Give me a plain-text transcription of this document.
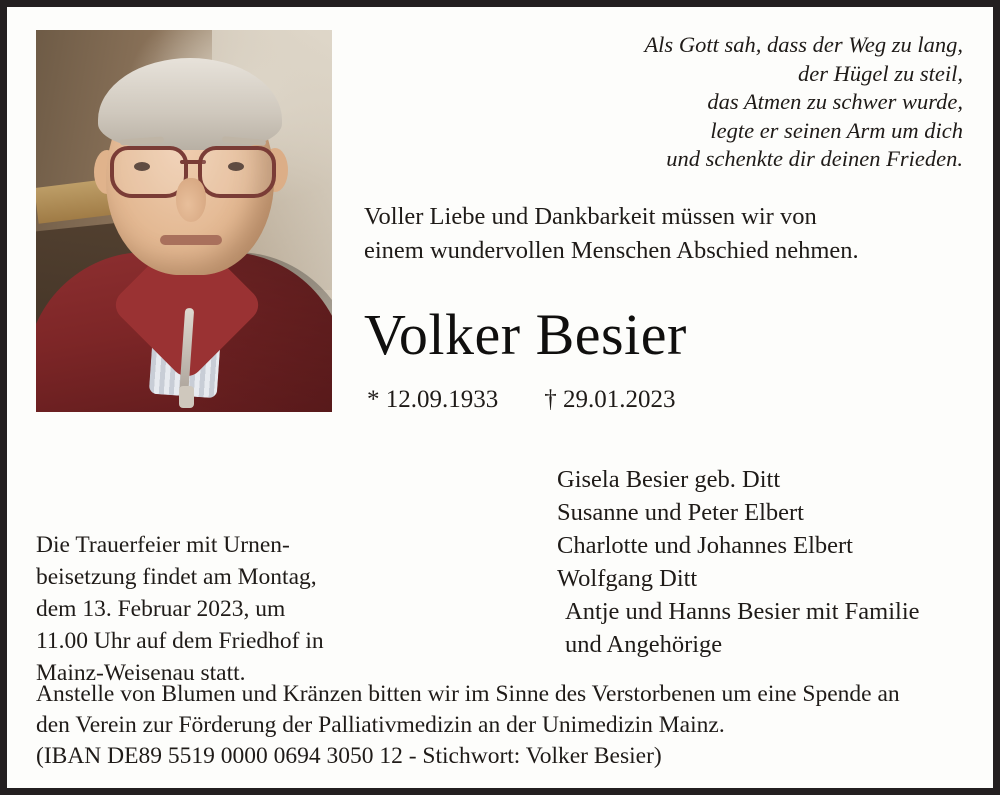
Als Gott sah, dass der Weg zu lang,
der Hügel zu steil,
das Atmen zu schwer wurde,
legte er seinen Arm um dich
und schenkte dir deinen Frieden.
Voller Liebe und Dankbarkeit müssen wir von
einem wundervollen Menschen Abschied nehmen.
Volker Besier
* 12.09.1933 † 29.01.2023
Gisela Besier geb. Ditt
Susanne und Peter Elbert
Charlotte und Johannes Elbert
Wolfgang Ditt
Antje und Hanns Besier mit Familie
und Angehörige
Die Trauerfeier mit Urnen-
beisetzung findet am Montag,
dem 13. Februar 2023, um
11.00 Uhr auf dem Friedhof in
Mainz-Weisenau statt.
Anstelle von Blumen und Kränzen bitten wir im Sinne des Verstorbenen um eine Spende an
den Verein zur Förderung der Palliativmedizin an der Unimedizin Mainz.
(IBAN DE89 5519 0000 0694 3050 12 - Stichwort: Volker Besier)
